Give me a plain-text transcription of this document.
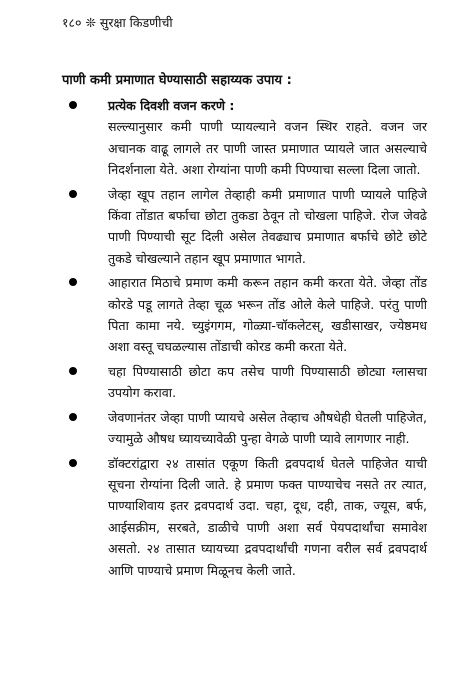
१८० ❊ सुरक्षा किडणीची
पाणी कमी प्रमाणात घेण्यासाठी सहाय्यक उपाय :
प्रत्येक दिवशी वजन करणे :
सल्ल्यानुसार कमी पाणी प्यायल्याने वजन स्थिर राहते. वजन जर अचानक वाढू लागले तर पाणी जास्त प्रमाणात प्यायले जात असल्याचे निदर्शनाला येते. अशा रोग्यांना पाणी कमी पिण्याचा सल्ला दिला जातो.
जेव्हा खूप तहान लागेल तेव्हाही कमी प्रमाणात पाणी प्यायले पाहिजे किंवा तोंडात बर्फाचा छोटा तुकडा ठेवून तो चोखला पाहिजे. रोज जेवढे पाणी पिण्याची सूट दिली असेल तेवढ्याच प्रमाणात बर्फाचे छोटे छोटे तुकडे चोखल्याने तहान खूप प्रमाणात भागते.
आहारात मिठाचे प्रमाण कमी करून तहान कमी करता येते. जेव्हा तोंड कोरडे पडू लागते तेव्हा चूळ भरून तोंड ओले केले पाहिजे. परंतु पाणी पिता कामा नये. च्युइंगगम, गोळ्या-चॉकलेटस्, खडीसाखर, ज्येष्ठमध अशा वस्तू चघळल्यास तोंडाची कोरड कमी करता येते.
चहा पिण्यासाठी छोटा कप तसेच पाणी पिण्यासाठी छोट्या ग्लासचा उपयोग करावा.
जेवणानंतर जेव्हा पाणी प्यायचे असेल तेव्हाच औषधेही घेतली पाहिजेत, ज्यामुळे औषध घ्यायच्यावेळी पुन्हा वेगळे पाणी प्यावे लागणार नाही.
डॉक्टरांद्वारा २४ तासांत एकूण किती द्रवपदार्थ घेतले पाहिजेत याची सूचना रोग्यांना दिली जाते. हे प्रमाण फक्त पाण्याचेच नसते तर त्यात, पाण्याशिवाय इतर द्रवपदार्थ उदा. चहा, दूध, दही, ताक, ज्यूस, बर्फ, आईसक्रीम, सरबते, डाळीचे पाणी अशा सर्व पेयपदार्थांचा समावेश असतो. २४ तासात घ्यायच्या द्रवपदार्थांची गणना वरील सर्व द्रवपदार्थ आणि पाण्याचे प्रमाण मिळूनच केली जाते.
